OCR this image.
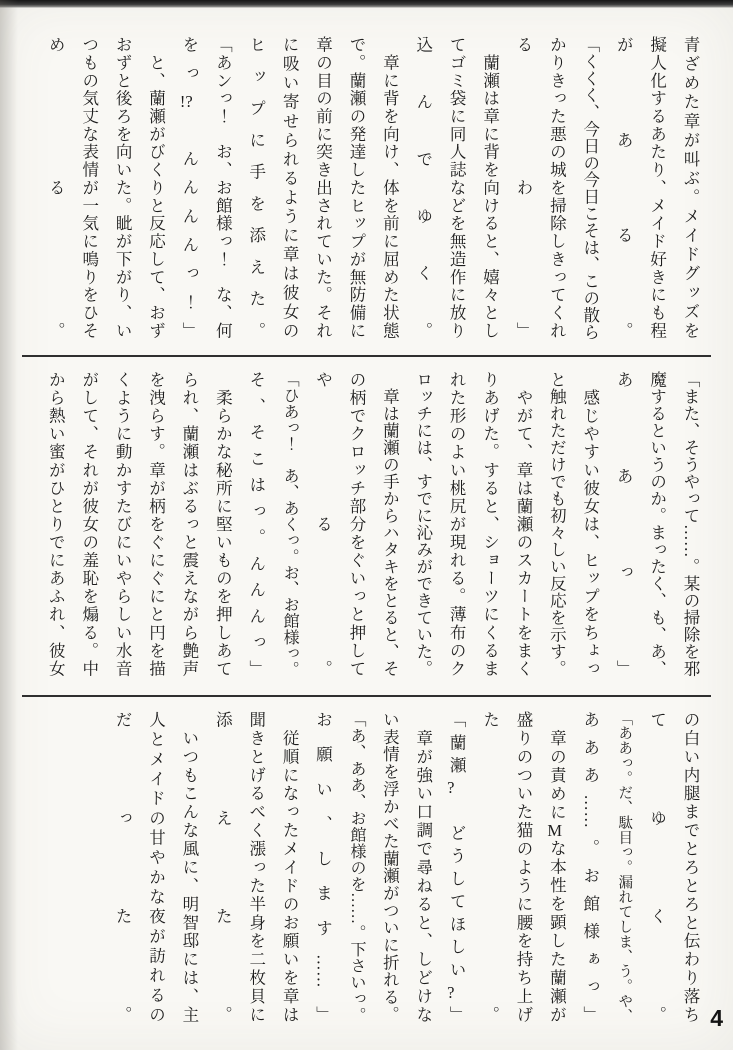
青ざめた章が叫ぶ。メイドグッズを
擬人化するあたり、メイド好きにも程
がある。
「くくく、今日の今日こそは、この散ら
かりきった悪の城を掃除しきってくれ
るわ」
　蘭瀬は章に背を向けると、嬉々とし
てゴミ袋に同人誌などを無造作に放り
込んでゆく。
　章に背を向け、体を前に屈めた状態
で。蘭瀬の発達したヒップが無防備に
章の目の前に突き出されていた。それ
に吸い寄せられるように章は彼女の
ヒップに手を添えた。
「あンっ！　お、お館様っ！　な、何
をっ!?　んんんんっ！」
　と、蘭瀬がびくりと反応して、おず
おずと後ろを向いた。眦が下がり、い
つもの気丈な表情が一気に鳴りをひそ
める。
「また、そうやって……。某の掃除を邪
魔するというのか。まったく、も、あ、
ああっ」
　感じやすい彼女は、ヒップをちょっ
と触れただけでも初々しい反応を示す。
　やがて、章は蘭瀬のスカートをまく
りあげた。すると、ショーツにくるま
れた形のよい桃尻が現れる。薄布のク
ロッチには、すでに沁みができていた。
　章は蘭瀬の手からハタキをとると、そ
の柄でクロッチ部分をぐいっと押して
やる。
「ひあっ！　あ、あくっ。お、お館様っ。
そ、そこはっ。んんんっ」
　柔らかな秘所に堅いものを押しあて
られ、蘭瀬はぶるっと震えながら艶声
を洩らす。章が柄をぐにぐにと円を描
くように動かすたびにいやらしい水音
がして、それが彼女の羞恥を煽る。中
から熱い蜜がひとりでにあふれ、彼女
の白い内腿までとろとろと伝わり落ち
てゆく。
「ああっ。だ、駄目っ。漏れてしま、う。や、
あああ……。お館様ぁっ」
　章の責めにMな本性を顕した蘭瀬が
盛りのついた猫のように腰を持ち上げ
た。
「蘭瀬?　どうしてほしい?」
　章が強い口調で尋ねると、しどけな
い表情を浮かべた蘭瀬がついに折れる。
「あ、ああ、お館様のを……。下さいっ。
お願い、します……」
　従順になったメイドのお願いを章は
聞きとげるべく漲った半身を二枚貝に
添えた。
　いつもこんな風に、明智邸には、主
人とメイドの甘やかな夜が訪れるの
だった。	4
